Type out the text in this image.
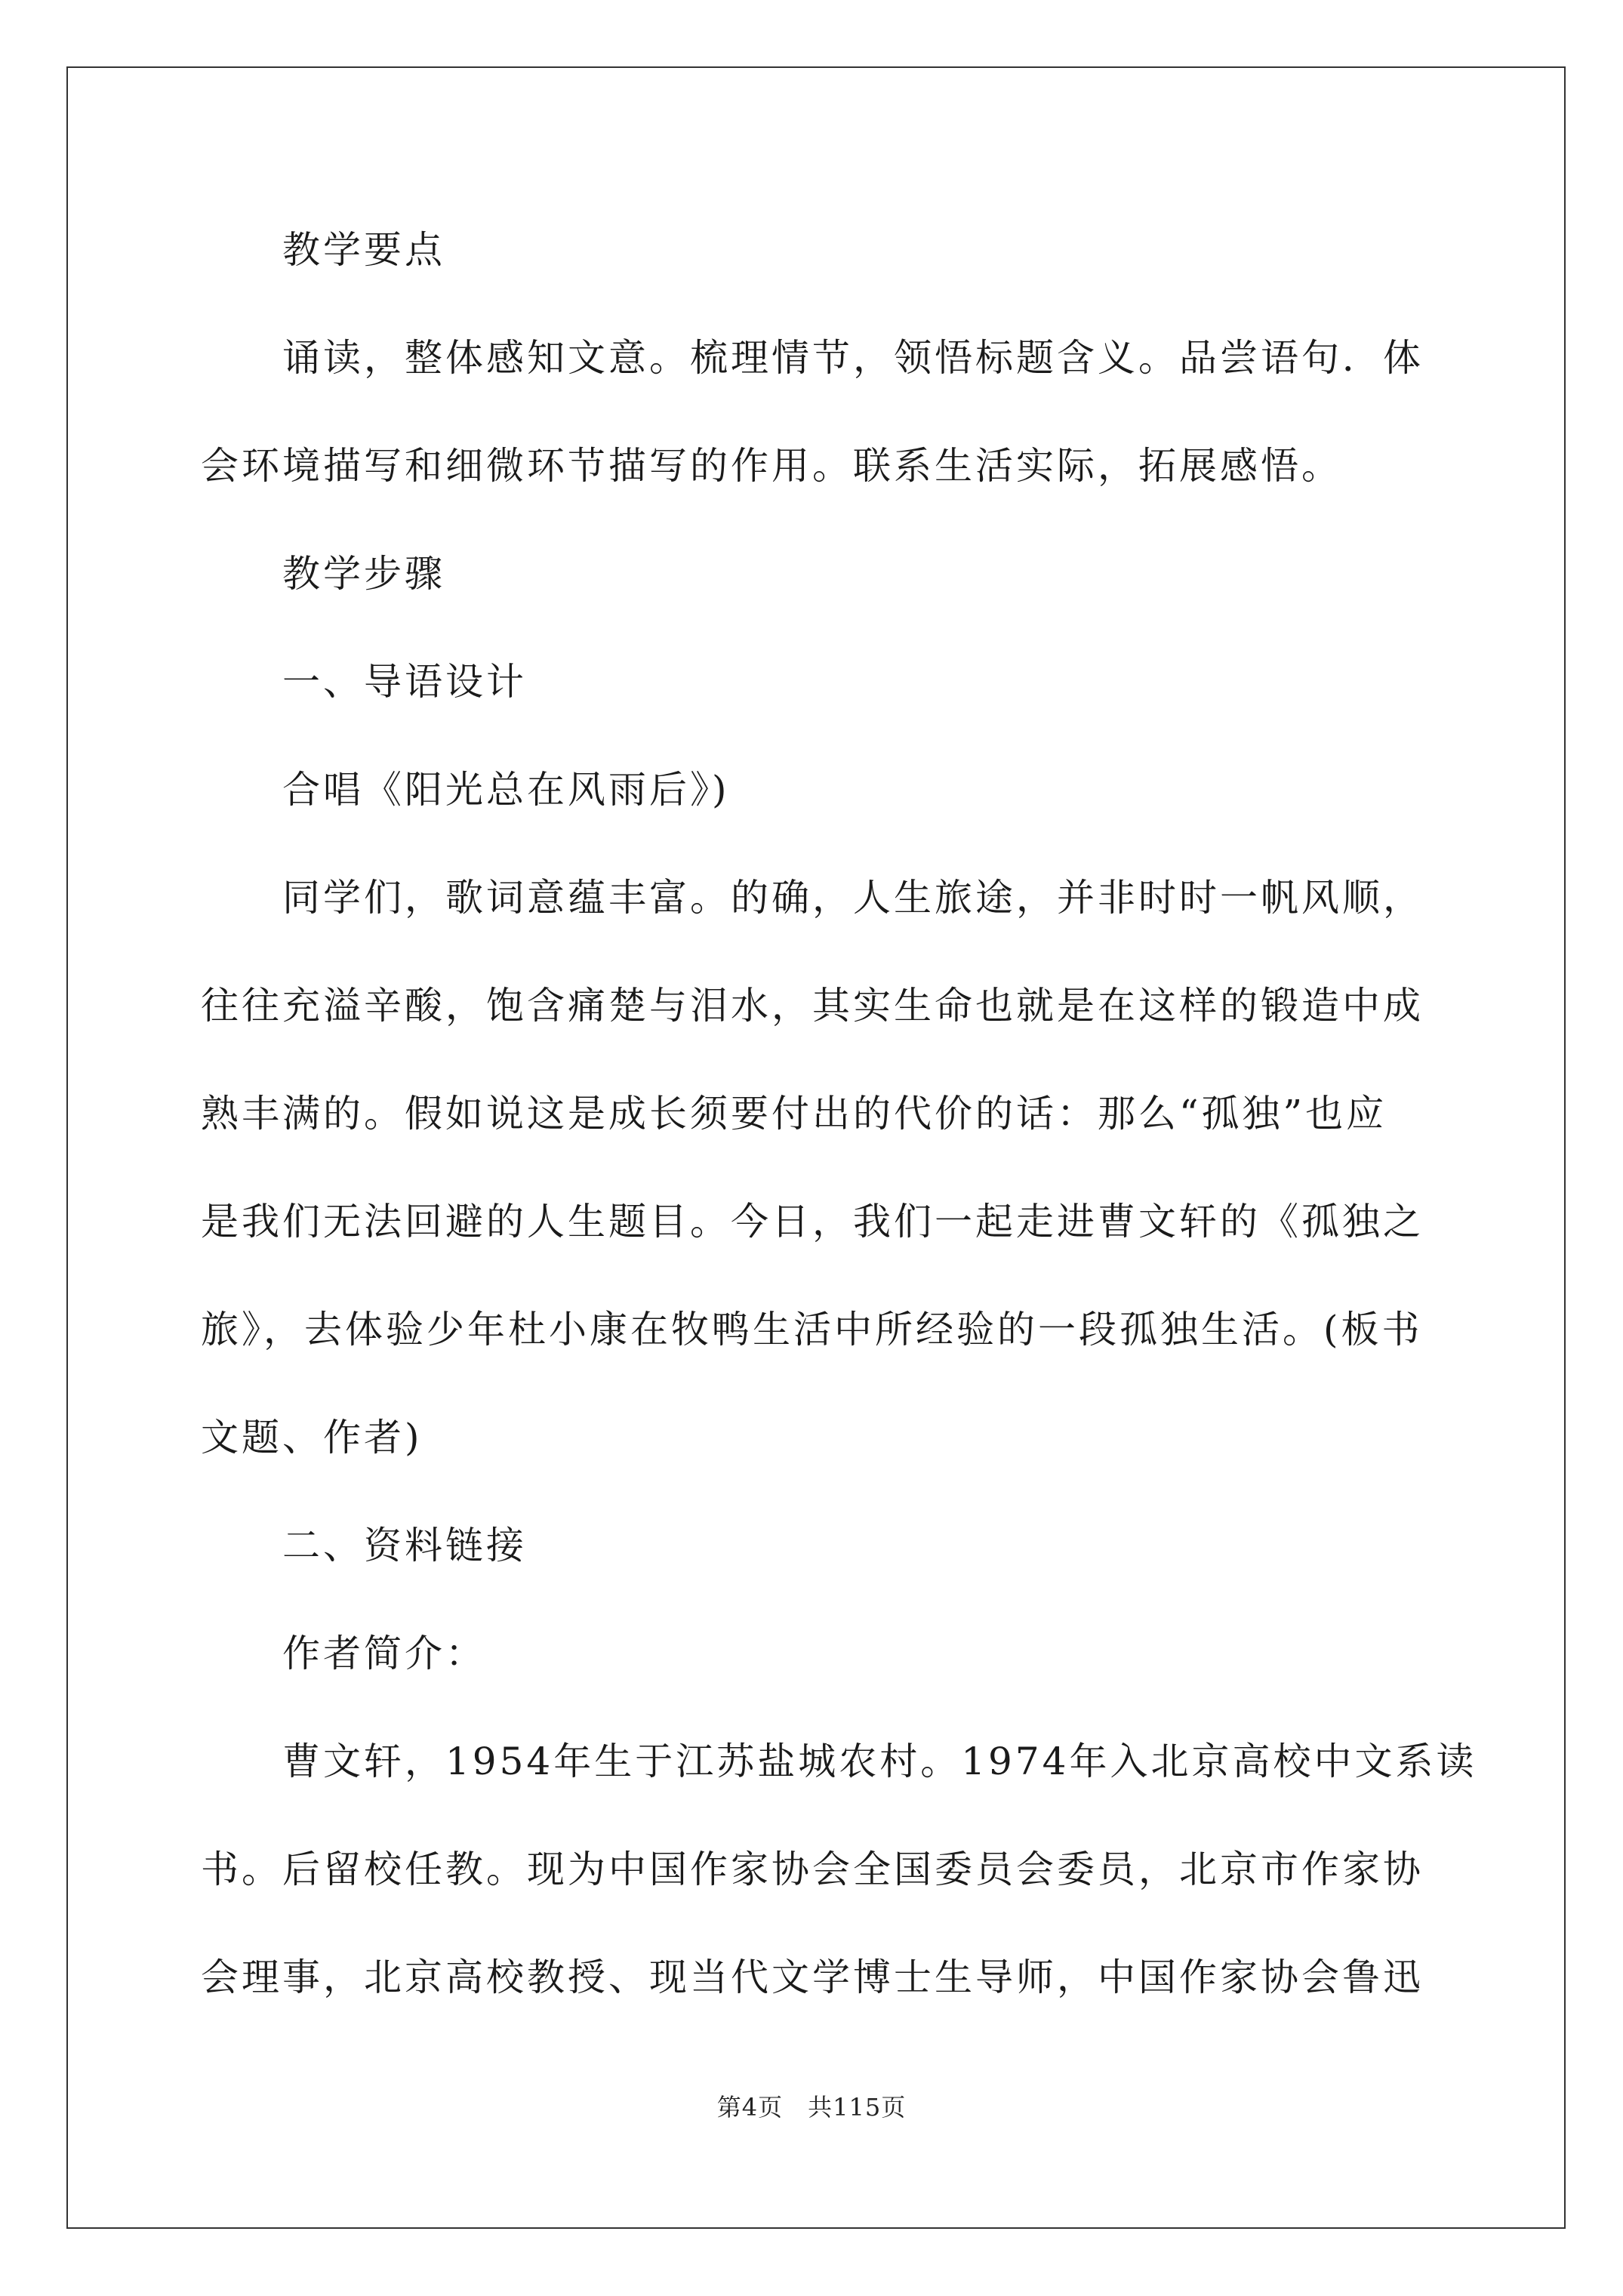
　　教学要点

　　诵读，整体感知文意。梳理情节，领悟标题含义。品尝语句．体

会环境描写和细微环节描写的作用。联系生活实际，拓展感悟。

　　教学步骤

　　一、导语设计

　　合唱《阳光总在风雨后》)

　　同学们，歌词意蕴丰富。的确，人生旅途，并非时时一帆风顺，

往往充溢辛酸，饱含痛楚与泪水，其实生命也就是在这样的锻造中成

熟丰满的。假如说这是成长须要付出的代价的话：那么“孤独”也应

是我们无法回避的人生题目。今日，我们一起走进曹文轩的《孤独之

旅》，去体验少年杜小康在牧鸭生活中所经验的一段孤独生活。(板书

文题、作者)

　　二、资料链接

　　作者简介：

　　曹文轩，1954年生于江苏盐城农村。1974年入北京高校中文系读

书。后留校任教。现为中国作家协会全国委员会委员，北京市作家协

会理事，北京高校教授、现当代文学博士生导师，中国作家协会鲁迅

第4页　共115页
